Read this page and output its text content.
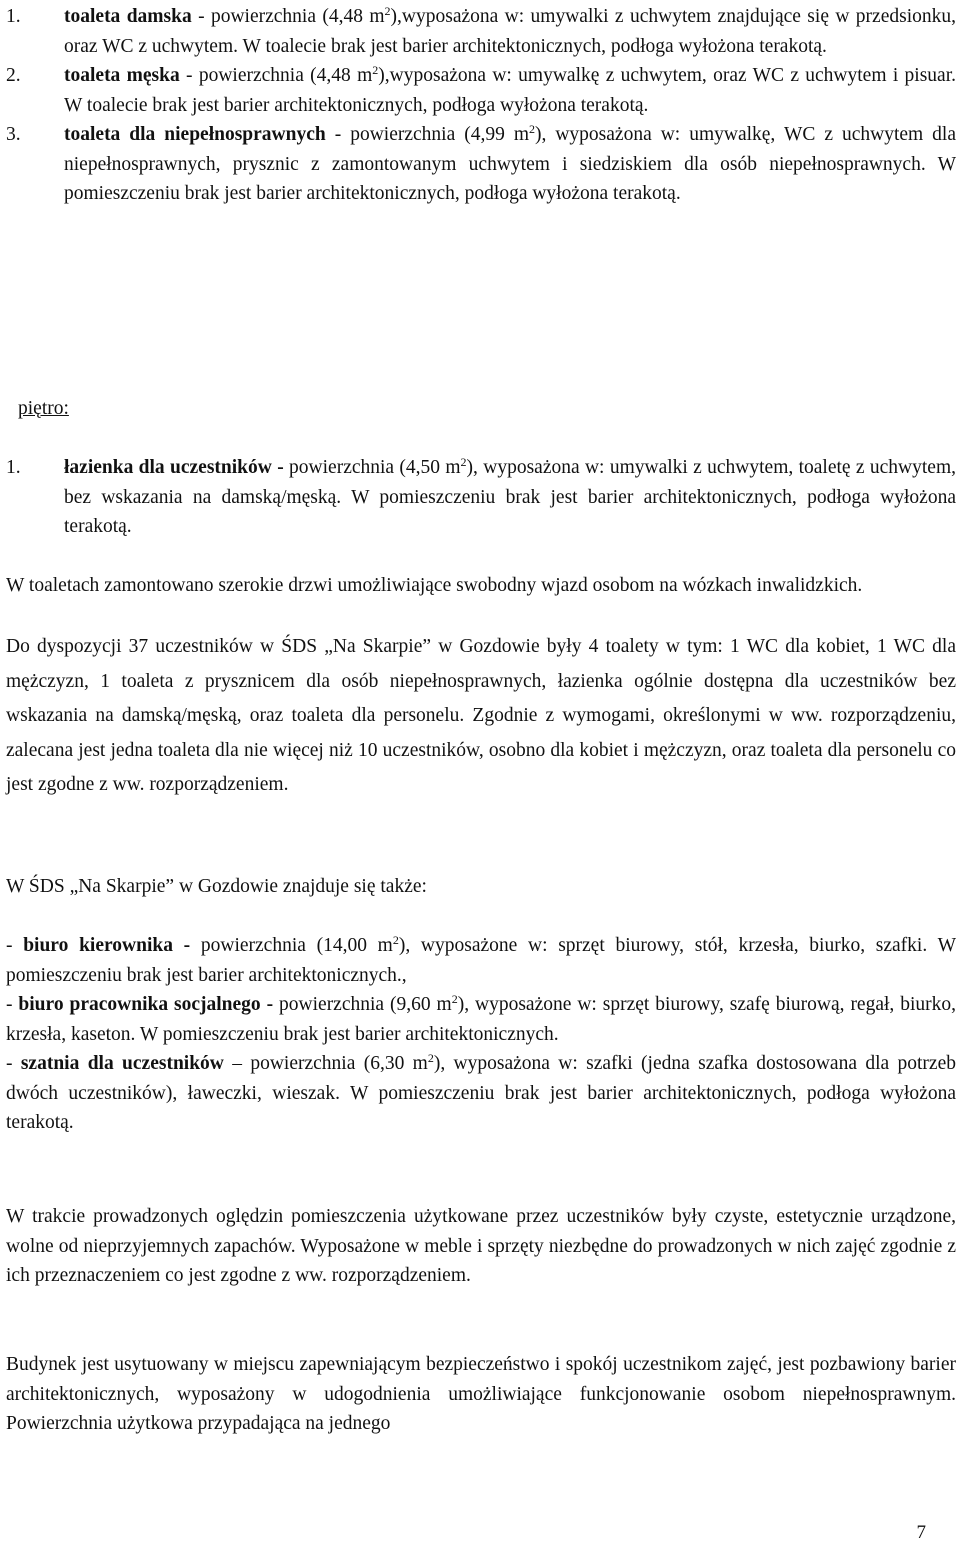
1.	toaleta damska - powierzchnia (4,48 $m^2),wyposażona$ w: umywalki z uchwytem znajdujące się w przedsionku, oraz WC z uchwytem. W toalecie brak jest barier architektonicznych, podłoga wyłożona terakotą.
2.	toaleta męska - powierzchnia (4,48 $m^2),wyposażona$ w: umywalkę z uchwytem, oraz WC z uchwytem i pisuar. W toalecie brak jest barier architektonicznych, podłoga wyłożona terakotą.
3.	toaleta dla niepełnosprawnych - powierzchnia (4,99 $m^2$), wyposażona w: umywalkę, WC z uchwytem dla niepełnosprawnych, prysznic z zamontowanym uchwytem i siedziskiem dla osób niepełnosprawnych. W pomieszczeniu brak jest barier architektonicznych, podłoga wyłożona terakotą.
piętro:
1.	łazienka dla uczestników - powierzchnia (4,50 $m^2$), wyposażona w: umywalki z uchwytem, toaletę z uchwytem, bez wskazania na damską/męską. W pomieszczeniu brak jest barier architektonicznych, podłoga wyłożona terakotą.

W toaletach zamontowano szerokie drzwi umożliwiające swobodny wjazd osobom na wózkach inwalidzkich.

Do dyspozycji 37 uczestników w ŚDS „Na Skarpie” w Gozdowie były 4 toalety w tym: 1 WC dla kobiet, 1 WC dla mężczyzn, 1 toaleta z prysznicem dla osób niepełnosprawnych, łazienka ogólnie dostępna dla uczestników bez wskazania na damską/męską, oraz toaleta dla personelu. Zgodnie z wymogami, określonymi w ww. rozporządzeniu, zalecana jest jedna toaleta dla nie więcej niż 10 uczestników, osobno dla kobiet i mężczyzn, oraz toaleta dla personelu co jest zgodne z ww. rozporządzeniem.

W ŚDS „Na Skarpie” w Gozdowie znajduje się także:

- biuro kierownika - powierzchnia (14,00 $m^2$), wyposażone w: sprzęt biurowy, stół, krzesła, biurko, szafki. W pomieszczeniu brak jest barier architektonicznych.,

- biuro pracownika socjalnego - powierzchnia (9,60 $m^2$), wyposażone w: sprzęt biurowy, szafę biurową, regał, biurko, krzesła, kaseton. W pomieszczeniu brak jest barier architektonicznych.

- szatnia dla uczestników – powierzchnia (6,30 $m^2$), wyposażona w: szafki (jedna szafka dostosowana dla potrzeb dwóch uczestników), ławeczki, wieszak. W pomieszczeniu brak jest barier architektonicznych, podłoga wyłożona terakotą.

W trakcie prowadzonych oględzin pomieszczenia użytkowane przez uczestników były czyste, estetycznie urządzone, wolne od nieprzyjemnych zapachów. Wyposażone w meble i sprzęty niezbędne do prowadzonych w nich zajęć zgodnie z ich przeznaczeniem co jest zgodne z ww. rozporządzeniem.

Budynek jest usytuowany w miejscu zapewniającym bezpieczeństwo i spokój uczestnikom zajęć, jest pozbawiony barier architektonicznych, wyposażony w udogodnienia umożliwiające funkcjonowanie osobom niepełnosprawnym. Powierzchnia użytkowa przypadająca na jednego

7
